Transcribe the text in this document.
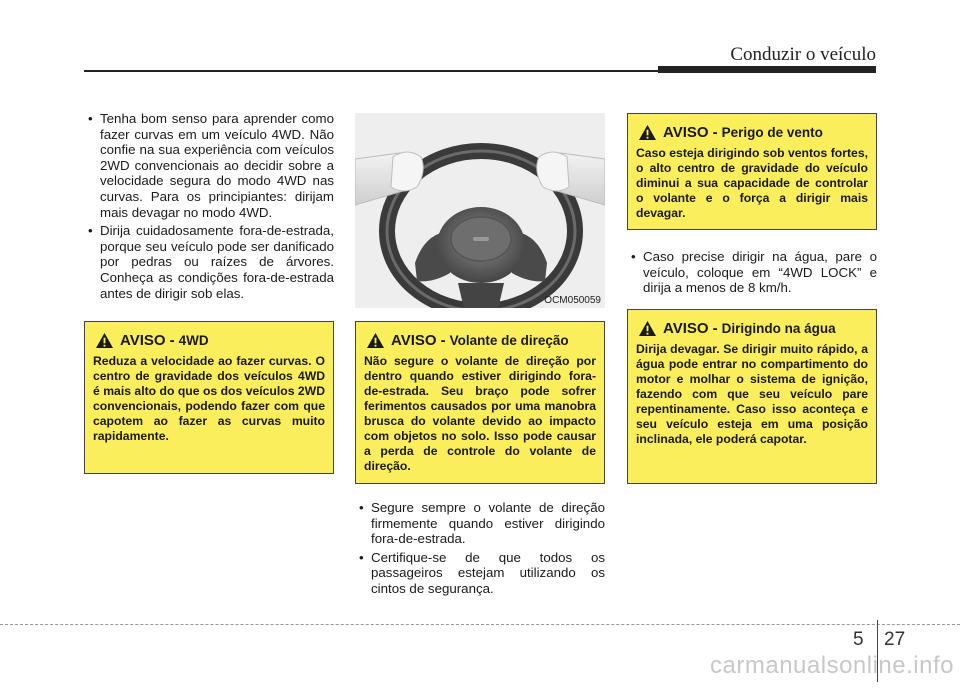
Conduzir o veículo
• Tenha bom senso para aprender como fazer curvas em um veículo 4WD. Não confie na sua experiência com veículos 2WD convencionais ao decidir sobre a velocidade segura do modo 4WD nas curvas. Para os principiantes: dirijam mais devagar no modo 4WD.
• Dirija cuidadosamente fora-de-estrada, porque seu veículo pode ser danificado por pedras ou raízes de árvores. Conheça as condições fora-de-estrada antes de dirigir sob elas.	OCM050059
AVISO - 4WD
Reduza a velocidade ao fazer curvas. O centro de gravidade dos veículos 4WD é mais alto do que os dos veículos 2WD convencionais, podendo fazer com que capotem ao fazer as curvas muito rapidamente.
AVISO - Volante de direção
Não segure o volante de direção por dentro quando estiver dirigindo fora-de-estrada. Seu braço pode sofrer ferimentos causados por uma manobra brusca do volante devido ao impacto com objetos no solo. Isso pode causar a perda de controle do volante de direção.
AVISO - Perigo de vento
Caso esteja dirigindo sob ventos fortes, o alto centro de gravidade do veículo diminui a sua capacidade de controlar o volante e o força a dirigir mais devagar.
• Caso precise dirigir na água, pare o veículo, coloque em “4WD LOCK” e dirija a menos de 8 km/h.
AVISO - Dirigindo na água
Dirija devagar. Se dirigir muito rápido, a água pode entrar no compartimento do motor e molhar o sistema de ignição, fazendo com que seu veículo pare repentinamente. Caso isso aconteça e seu veículo esteja em uma posição inclinada, ele poderá capotar.
• Segure sempre o volante de direção firmemente quando estiver dirigindo fora-de-estrada.
• Certifique-se de que todos os passageiros estejam utilizando os cintos de segurança.
5 27
carmanualsonline.info
